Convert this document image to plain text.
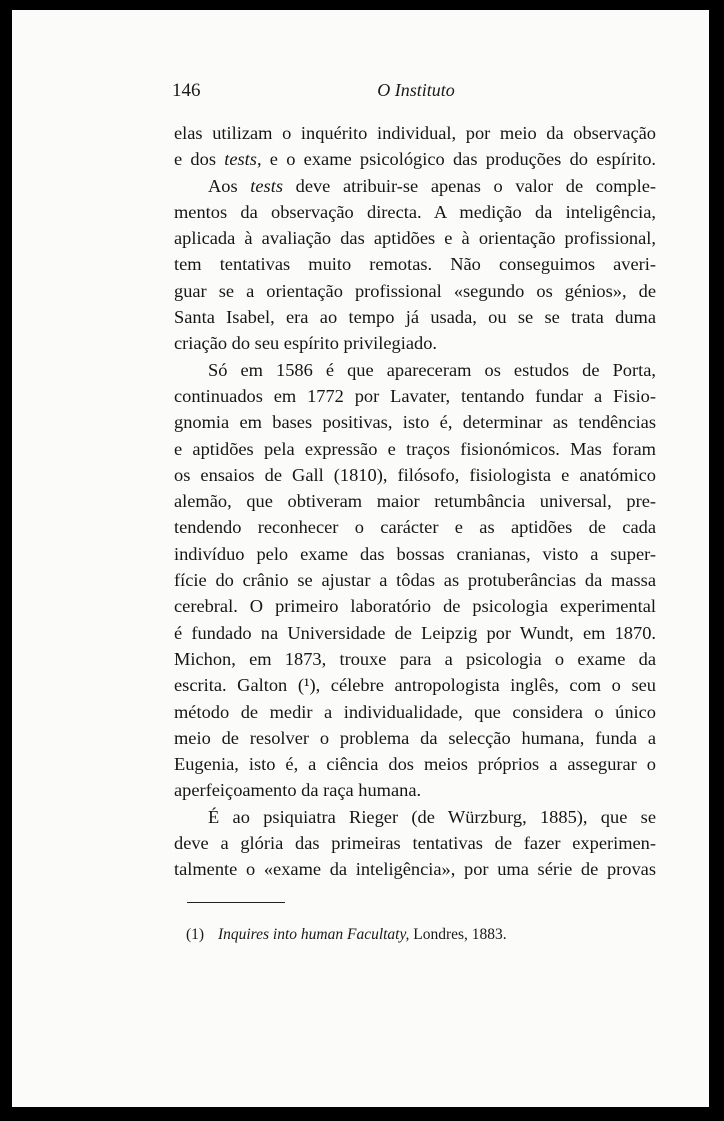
146	O Instituto
elas utilizam o inquérito individual, por meio da observação
e dos tests, e o exame psicológico das produções do espírito.
Aos tests deve atribuir-se apenas o valor de comple-
mentos da observação directa. A medição da inteligência,
aplicada à avaliação das aptidões e à orientação profissional,
tem tentativas muito remotas. Não conseguimos averi-
guar se a orientação profissional «segundo os génios», de
Santa Isabel, era ao tempo já usada, ou se se trata duma
criação do seu espírito privilegiado.
Só em 1586 é que apareceram os estudos de Porta,
continuados em 1772 por Lavater, tentando fundar a Fisio-
gnomia em bases positivas, isto é, determinar as tendências
e aptidões pela expressão e traços fisionómicos. Mas foram
os ensaios de Gall (1810), filósofo, fisiologista e anatómico
alemão, que obtiveram maior retumbância universal, pre-
tendendo reconhecer o carácter e as aptidões de cada
indivíduo pelo exame das bossas cranianas, visto a super-
fície do crânio se ajustar a tôdas as protuberâncias da massa
cerebral. O primeiro laboratório de psicologia experimental
é fundado na Universidade de Leipzig por Wundt, em 1870.
Michon, em 1873, trouxe para a psicologia o exame da
escrita. Galton (¹), célebre antropologista inglês, com o seu
método de medir a individualidade, que considera o único
meio de resolver o problema da selecção humana, funda a
Eugenia, isto é, a ciência dos meios próprios a assegurar o
aperfeiçoamento da raça humana.
É ao psiquiatra Rieger (de Würzburg, 1885), que se
deve a glória das primeiras tentativas de fazer experimen-
talmente o «exame da inteligência», por uma série de provas
(1) Inquires into human Facultaty, Londres, 1883.
